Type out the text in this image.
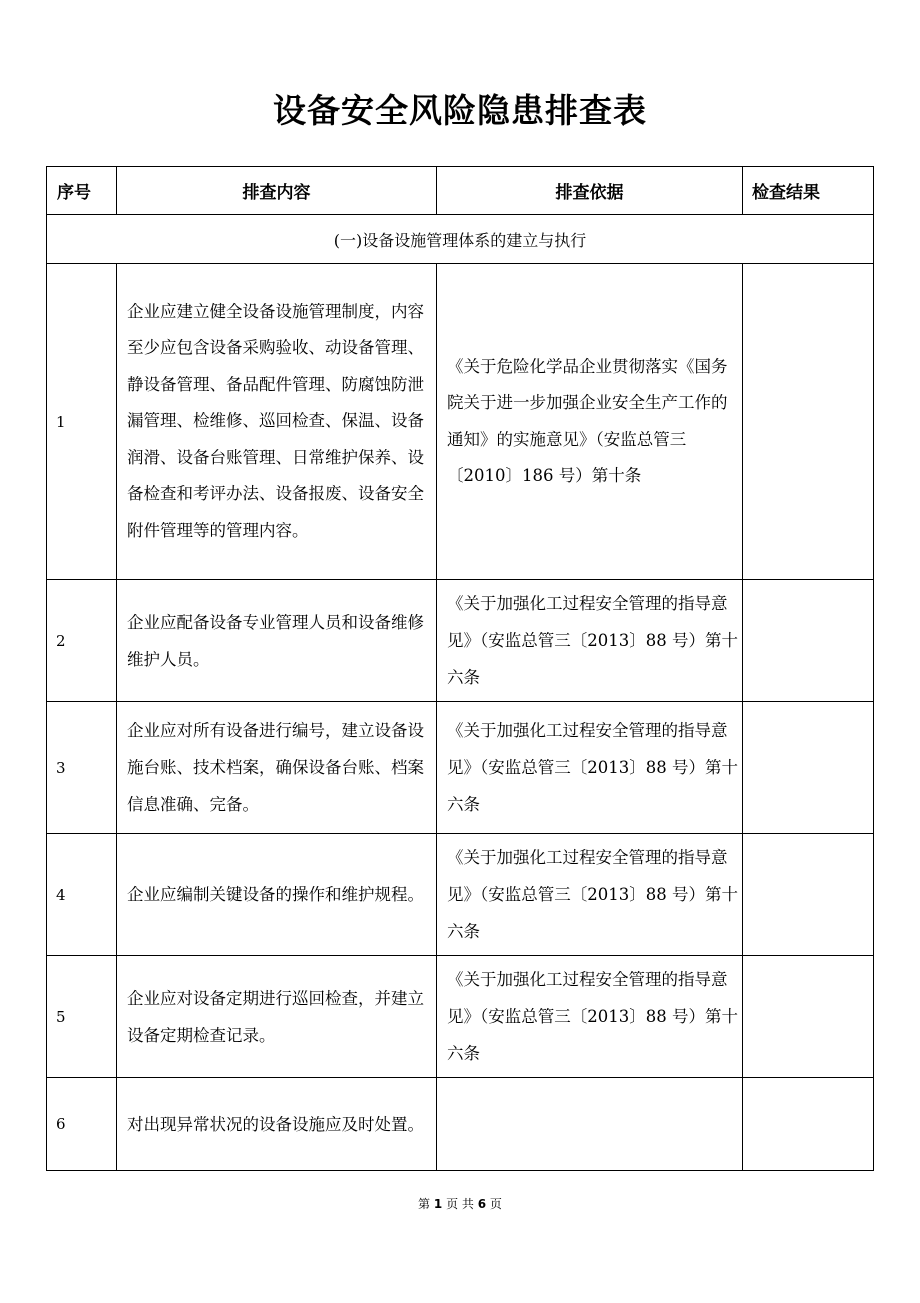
设备安全风险隐患排查表
序号	排查内容	排查依据	检查结果
(一)设备设施管理体系的建立与执行			
1	企业应建立健全设备设施管理制度，内容至少应包含设备采购验收、动设备管理、静设备管理、备品配件管理、防腐蚀防泄漏管理、检维修、巡回检查、保温、设备润滑、设备台账管理、日常维护保养、设备检查和考评办法、设备报废、设备安全附件管理等的管理内容。	《关于危险化学品企业贯彻落实《国务院关于进一步加强企业安全生产工作的通知》的实施意见》（安监总管三〔2010〕186 号）第十条	

2	企业应配备设备专业管理人员和设备维修维护人员。	《关于加强化工过程安全管理的指导意见》（安监总管三〔2013〕88 号）第十六条	

3	企业应对所有设备进行编号，建立设备设施台账、技术档案，确保设备台账、档案信息准确、完备。	《关于加强化工过程安全管理的指导意见》（安监总管三〔2013〕88 号）第十六条	

4	企业应编制关键设备的操作和维护规程。	《关于加强化工过程安全管理的指导意见》（安监总管三〔2013〕88 号）第十六条	

5	企业应对设备定期进行巡回检查，并建立设备定期检查记录。	《关于加强化工过程安全管理的指导意见》（安监总管三〔2013〕88 号）第十六条	

6	对出现异常状况的设备设施应及时处置。		

第 1 页 共 6 页
